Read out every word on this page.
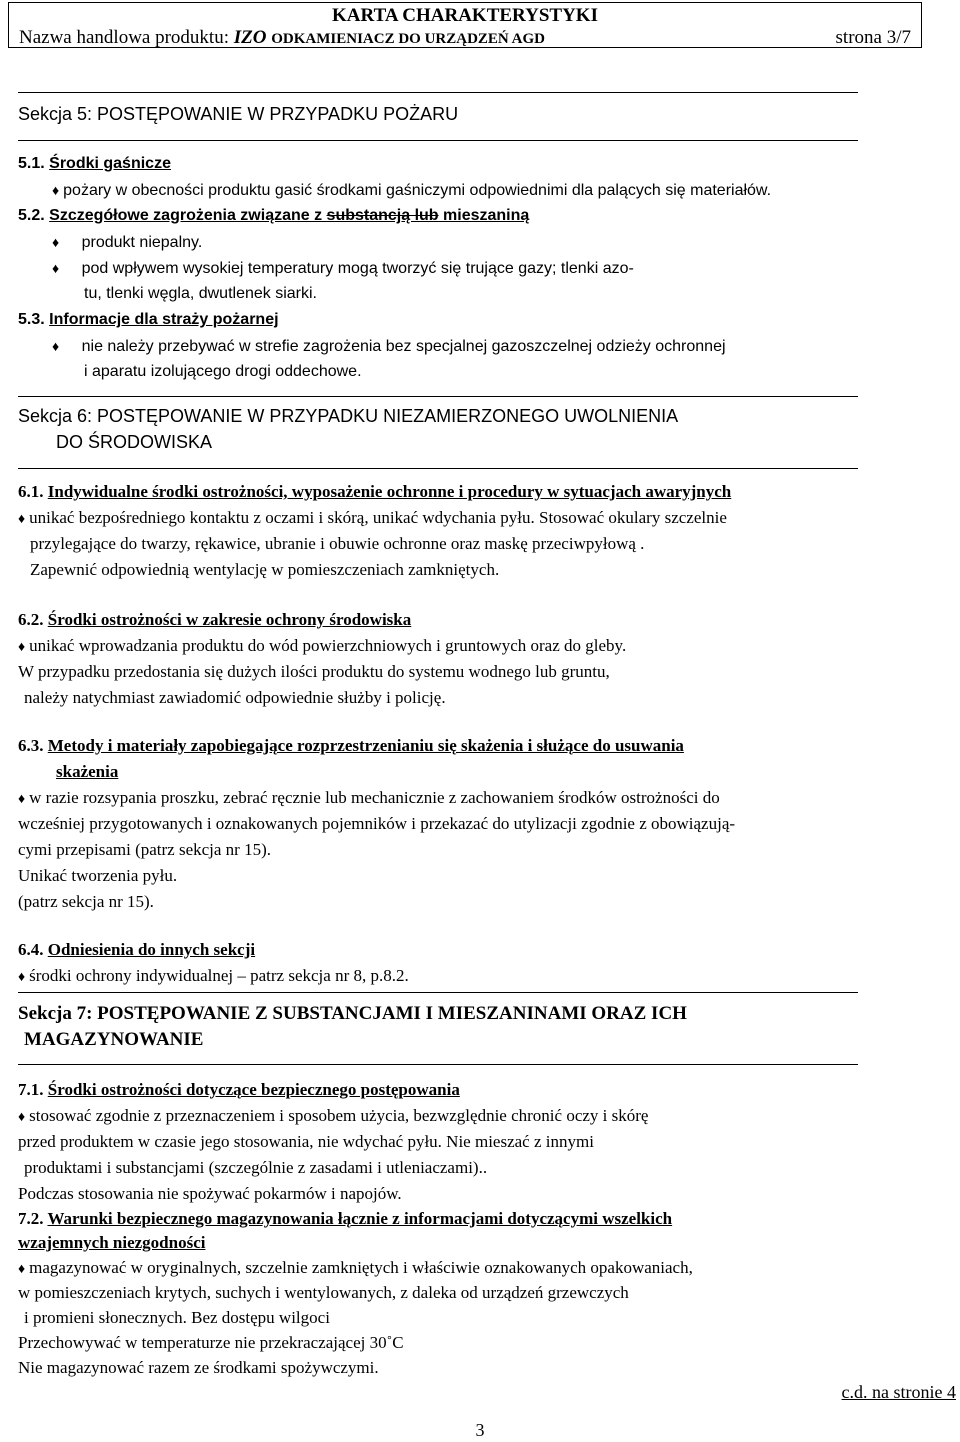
KARTA CHARAKTERYSTYKI
Nazwa handlowa produktu: IZO ODKAMIENIACZ DO URZĄDZEŃ AGD	strona 3/7
Sekcja 5: POSTĘPOWANIE W PRZYPADKU POŻARU
5.1. Środki gaśnicze
♦ pożary w obecności produktu gasić środkami gaśniczymi odpowiednimi dla palących się materiałów.
5.2. Szczegółowe zagrożenia związane z substancją lub mieszaniną
♦ produkt niepalny.
♦ pod wpływem wysokiej temperatury mogą tworzyć się trujące gazy; tlenki azo-
tu, tlenki węgla, dwutlenek siarki.
5.3. Informacje dla straży pożarnej
♦ nie należy przebywać w strefie zagrożenia bez specjalnej gazoszczelnej odzieży ochronnej
i aparatu izolującego drogi oddechowe.
Sekcja 6: POSTĘPOWANIE W PRZYPADKU NIEZAMIERZONEGO UWOLNIENIA
DO ŚRODOWISKA
6.1. Indywidualne środki ostrożności, wyposażenie ochronne i procedury w sytuacjach awaryjnych
♦ unikać bezpośredniego kontaktu z oczami i skórą, unikać wdychania pyłu. Stosować okulary szczelnie
przylegające do twarzy, rękawice, ubranie i obuwie ochronne oraz maskę przeciwpyłową .
Zapewnić odpowiednią wentylację w pomieszczeniach zamkniętych.
6.2. Środki ostrożności w zakresie ochrony środowiska
♦ unikać wprowadzania produktu do wód powierzchniowych i gruntowych oraz do gleby.
W przypadku przedostania się dużych ilości produktu do systemu wodnego lub gruntu,
należy natychmiast zawiadomić odpowiednie służby i policję.
6.3. Metody i materiały zapobiegające rozprzestrzenianiu się skażenia i służące do usuwania
skażenia
♦ w razie rozsypania proszku, zebrać ręcznie lub mechanicznie z zachowaniem środków ostrożności do
wcześniej przygotowanych i oznakowanych pojemników i przekazać do utylizacji zgodnie z obowiązują-
cymi przepisami (patrz sekcja nr 15).
Unikać tworzenia pyłu.
(patrz sekcja nr 15).
6.4. Odniesienia do innych sekcji
♦ środki ochrony indywidualnej – patrz sekcja nr 8, p.8.2.
Sekcja 7: POSTĘPOWANIE Z SUBSTANCJAMI I MIESZANINAMI ORAZ ICH
MAGAZYNOWANIE
7.1. Środki ostrożności dotyczące bezpiecznego postępowania
♦ stosować zgodnie z przeznaczeniem i sposobem użycia, bezwzględnie chronić oczy i skórę
przed produktem w czasie jego stosowania, nie wdychać pyłu. Nie mieszać z innymi
produktami i substancjami (szczególnie z zasadami i utleniaczami)..
Podczas stosowania nie spożywać pokarmów i napojów.
7.2. Warunki bezpiecznego magazynowania łącznie z informacjami dotyczącymi wszelkich
wzajemnych niezgodności
♦ magazynować w oryginalnych, szczelnie zamkniętych i właściwie oznakowanych opakowaniach,
w pomieszczeniach krytych, suchych i wentylowanych, z daleka od urządzeń grzewczych
i promieni słonecznych. Bez dostępu wilgoci
Przechowywać w temperaturze nie przekraczającej 30˚C
Nie magazynować razem ze środkami spożywczymi.
c.d. na stronie 4
3
